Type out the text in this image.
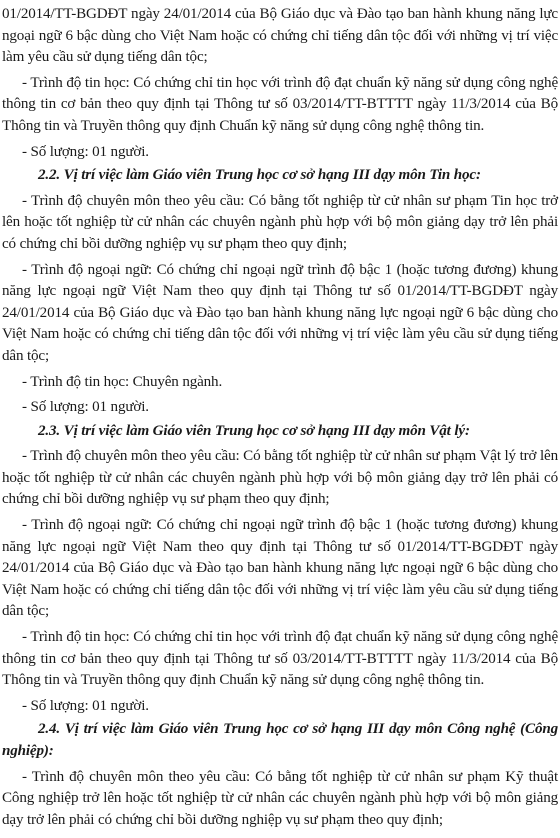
01/2014/TT-BGDĐT ngày 24/01/2014 của Bộ Giáo dục và Đào tạo ban hành khung năng lực ngoại ngữ 6 bậc dùng cho Việt Nam hoặc có chứng chỉ tiếng dân tộc đối với những vị trí việc làm yêu cầu sử dụng tiếng dân tộc;

- Trình độ tin học: Có chứng chỉ tin học với trình độ đạt chuẩn kỹ năng sử dụng công nghệ thông tin cơ bản theo quy định tại Thông tư số 03/2014/TT-BTTTT ngày 11/3/2014 của Bộ Thông tin và Truyền thông quy định Chuẩn kỹ năng sử dụng công nghệ thông tin.

- Số lượng: 01 người.

2.2. Vị trí việc làm Giáo viên Trung học cơ sở hạng III dạy môn Tin học:

- Trình độ chuyên môn theo yêu cầu: Có bằng tốt nghiệp từ cử nhân sư phạm Tin học trở lên hoặc tốt nghiệp từ cử nhân các chuyên ngành phù hợp với bộ môn giảng dạy trở lên phải có chứng chỉ bồi dưỡng nghiệp vụ sư phạm theo quy định;

- Trình độ ngoại ngữ: Có chứng chỉ ngoại ngữ trình độ bậc 1 (hoặc tương đương) khung năng lực ngoại ngữ Việt Nam theo quy định tại Thông tư số 01/2014/TT-BGDĐT ngày 24/01/2014 của Bộ Giáo dục và Đào tạo ban hành khung năng lực ngoại ngữ 6 bậc dùng cho Việt Nam hoặc có chứng chỉ tiếng dân tộc đối với những vị trí việc làm yêu cầu sử dụng tiếng dân tộc;

- Trình độ tin học: Chuyên ngành.

- Số lượng: 01 người.

2.3. Vị trí việc làm Giáo viên Trung học cơ sở hạng III dạy môn Vật lý:

- Trình độ chuyên môn theo yêu cầu: Có bằng tốt nghiệp từ cử nhân sư phạm Vật lý trở lên hoặc tốt nghiệp từ cử nhân các chuyên ngành phù hợp với bộ môn giảng dạy trở lên phải có chứng chỉ bồi dưỡng nghiệp vụ sư phạm theo quy định;

- Trình độ ngoại ngữ: Có chứng chỉ ngoại ngữ trình độ bậc 1 (hoặc tương đương) khung năng lực ngoại ngữ Việt Nam theo quy định tại Thông tư số 01/2014/TT-BGDĐT ngày 24/01/2014 của Bộ Giáo dục và Đào tạo ban hành khung năng lực ngoại ngữ 6 bậc dùng cho Việt Nam hoặc có chứng chỉ tiếng dân tộc đối với những vị trí việc làm yêu cầu sử dụng tiếng dân tộc;

- Trình độ tin học: Có chứng chỉ tin học với trình độ đạt chuẩn kỹ năng sử dụng công nghệ thông tin cơ bản theo quy định tại Thông tư số 03/2014/TT-BTTTT ngày 11/3/2014 của Bộ Thông tin và Truyền thông quy định Chuẩn kỹ năng sử dụng công nghệ thông tin.

- Số lượng: 01 người.

2.4. Vị trí việc làm Giáo viên Trung học cơ sở hạng III dạy môn Công nghệ (Công nghiệp):

- Trình độ chuyên môn theo yêu cầu: Có bằng tốt nghiệp từ cử nhân sư phạm Kỹ thuật Công nghiệp trở lên hoặc tốt nghiệp từ cử nhân các chuyên ngành phù hợp với bộ môn giảng dạy trở lên phải có chứng chỉ bồi dưỡng nghiệp vụ sư phạm theo quy định;
